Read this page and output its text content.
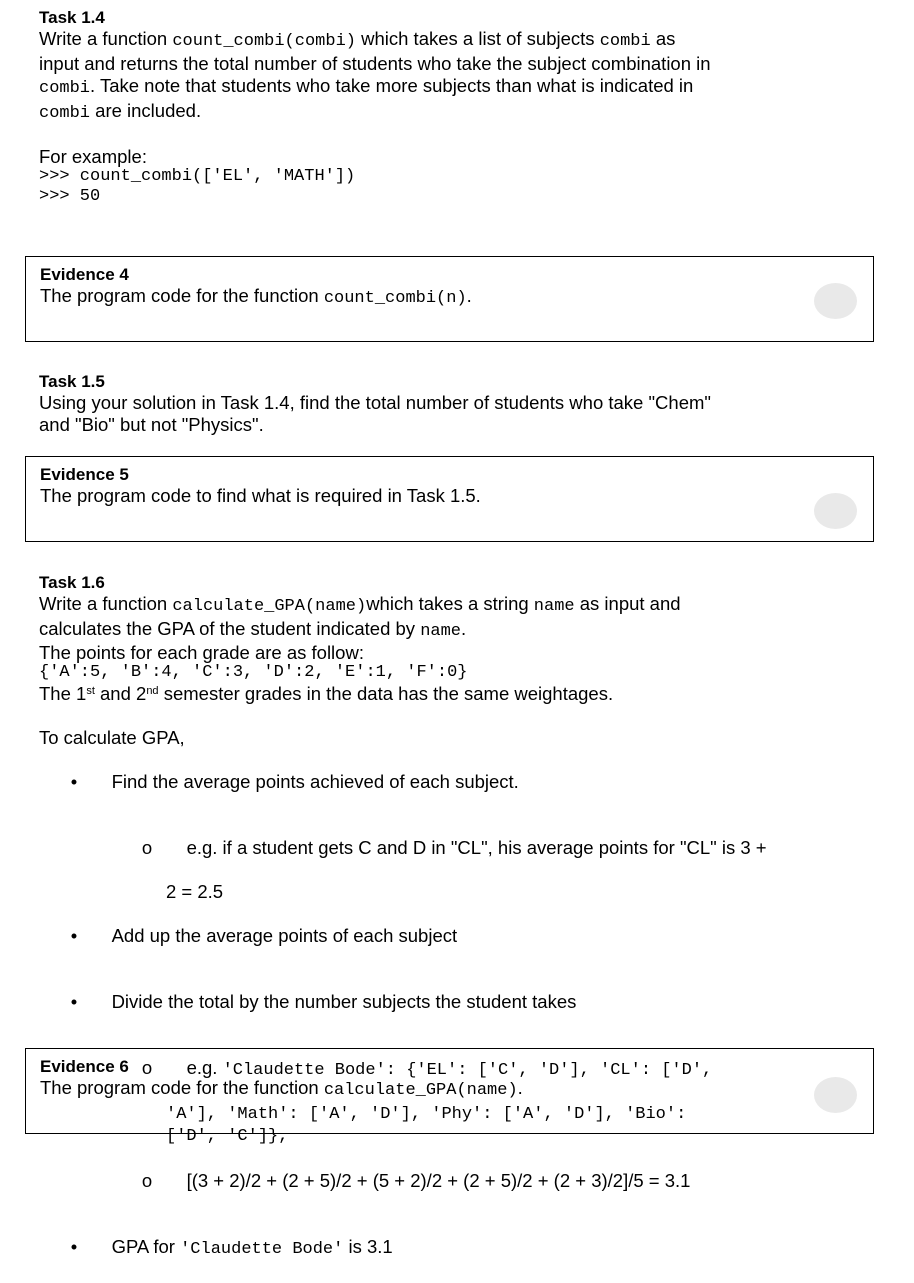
Task 1.4
Write a function count_combi(combi) which takes a list of subjects combi as
input and returns the total number of students who take the subject combination in
combi. Take note that students who take more subjects than what is indicated in
combi are included.
For example:
>>> count_combi(['EL', 'MATH'])
>>> 50
Evidence 4
The program code for the function count_combi(n).
Task 1.5
Using your solution in Task 1.4, find the total number of students who take "Chem"
and "Bio" but not "Physics".
Evidence 5
The program code to find what is required in Task 1.5.
Task 1.6
Write a function calculate_GPA(name)which takes a string name as input and
calculates the GPA of the student indicated by name.
The points for each grade are as follow:
{'A':5, 'B':4, 'C':3, 'D':2, 'E':1, 'F':0}
The 1st and 2nd semester grades in the data has the same weightages.
To calculate GPA,

• Find the average points achieved of each subject.

o e.g. if a student gets C and D in "CL", his average points for "CL" is 3 +

2 = 2.5

• Add up the average points of each subject

• Divide the total by the number subjects the student takes

o e.g. 'Claudette Bode': {'EL': ['C', 'D'], 'CL': ['D',

'A'], 'Math': ['A', 'D'], 'Phy': ['A', 'D'], 'Bio':
['D', 'C']},

o [(3 + 2)/2 + (2 + 5)/2 + (5 + 2)/2 + (2 + 5)/2 + (2 + 3)/2]/5 = 3.1

• GPA for 'Claudette Bode' is 3.1

Evidence 6
The program code for the function calculate_GPA(name).
